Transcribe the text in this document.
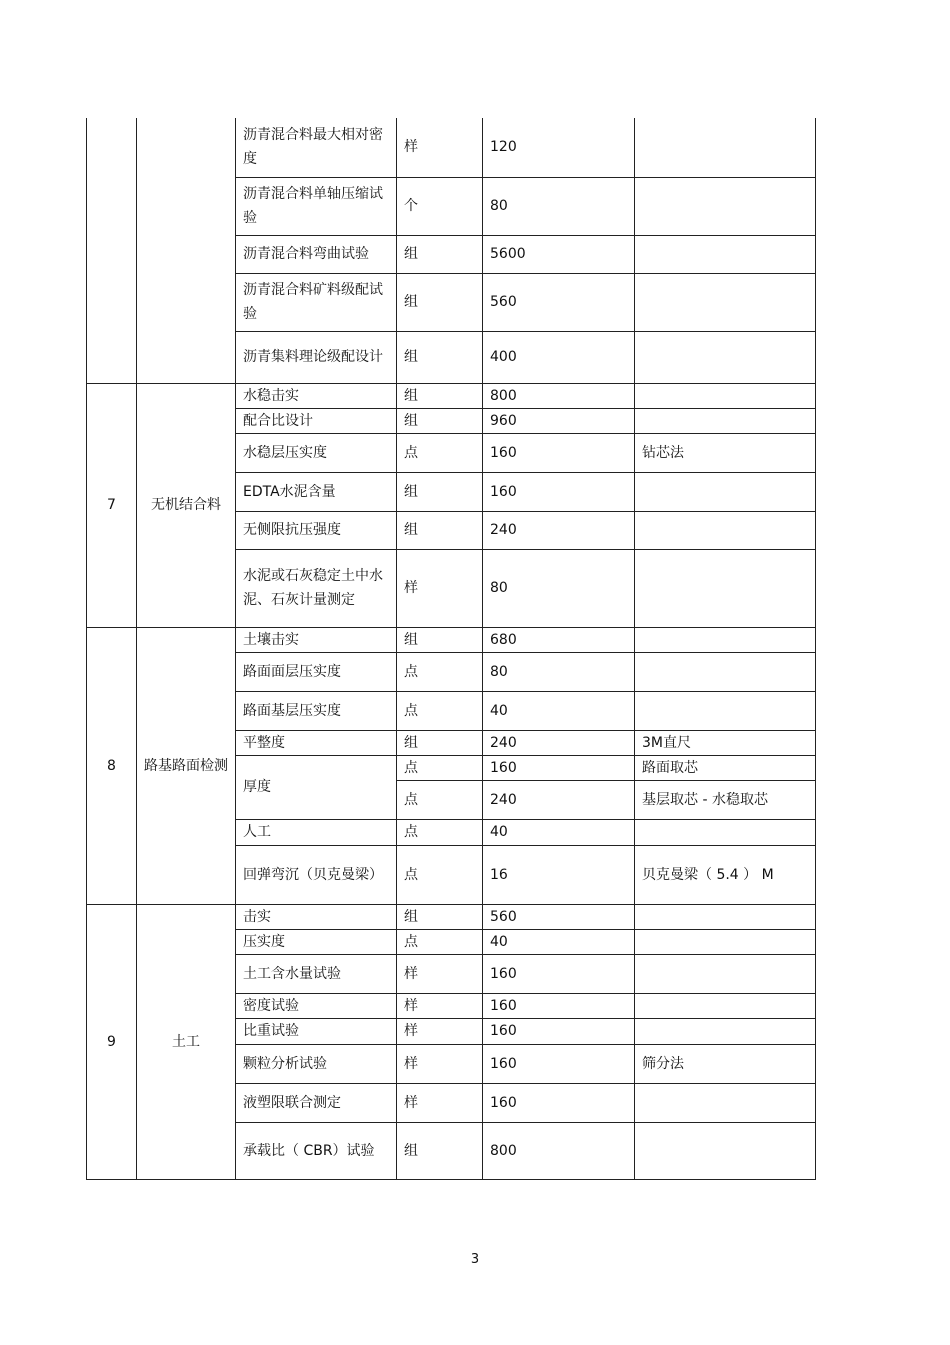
		沥青混合料最大相对密度	样	120	
		沥青混合料单轴压缩试验	个	80	
		沥青混合料弯曲试验	组	5600	
		沥青混合料矿料级配试验	组	560	
		沥青集料理论级配设计	组	400	
7	无机结合料	水稳击实	组	800	
		配合比设计	组	960	
		水稳层压实度	点	160	钻芯法
		EDTA水泥含量	组	160	
		无侧限抗压强度	组	240	
		水泥或石灰稳定土中水泥、石灰计量测定	样	80	
8	路基路面检测	土壤击实	组	680	
		路面面层压实度	点	80	
		路面基层压实度	点	40	
		平整度	组	240	3M直尺
		厚度	点	160	路面取芯
			点	240	基层取芯 - 水稳取芯
		人工	点	40	
		回弹弯沉（贝克曼梁）	点	16	贝克曼梁（ 5.4 ） M
9	土工	击实	组	560	
		压实度	点	40	
		土工含水量试验	样	160	
		密度试验	样	160	
		比重试验	样	160	
		颗粒分析试验	样	160	筛分法
		液塑限联合测定	样	160	
		承载比（ CBR）试验	组	800	
3
